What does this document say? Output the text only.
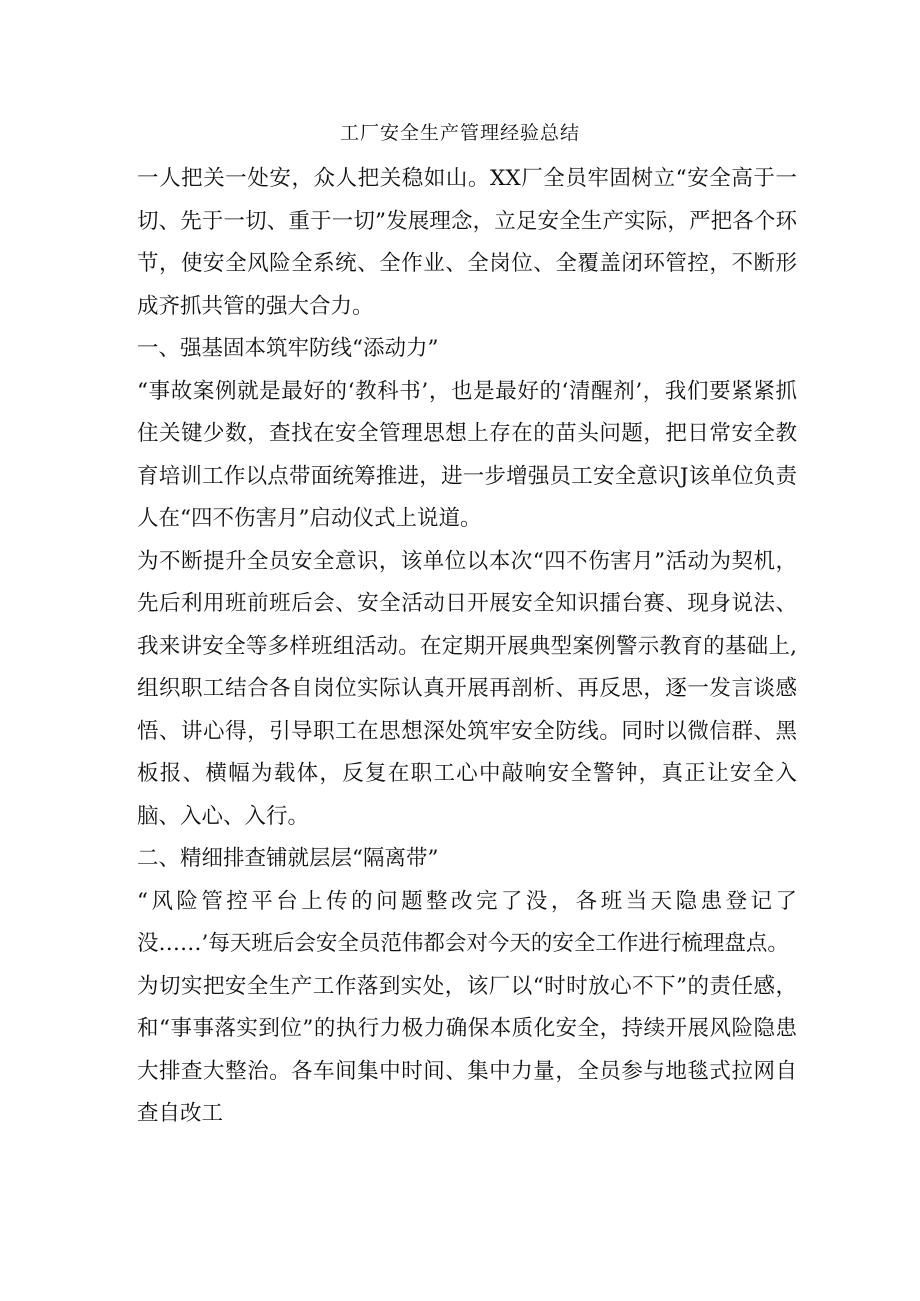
工厂安全生产管理经验总结

一人把关一处安，众人把关稳如山。XX厂全员牢固树立“安全高于一切、先于一切、重于一切”发展理念，立足安全生产实际，严把各个环节，使安全风险全系统、全作业、全岗位、全覆盖闭环管控，不断形成齐抓共管的强大合力。

一、强基固本筑牢防线“添动力”

“事故案例就是最好的‘教科书’，也是最好的‘清醒剂’，我们要紧紧抓住关键少数，查找在安全管理思想上存在的苗头问题，把日常安全教育培训工作以点带面统筹推进，进一步增强员工安全意识J该单位负责人在“四不伤害月”启动仪式上说道。

为不断提升全员安全意识，该单位以本次“四不伤害月”活动为契机，先后利用班前班后会、安全活动日开展安全知识擂台赛、现身说法、我来讲安全等多样班组活动。在定期开展典型案例警示教育的基础上,组织职工结合各自岗位实际认真开展再剖析、再反思，逐一发言谈感悟、讲心得，引导职工在思想深处筑牢安全防线。同时以微信群、黑板报、横幅为载体，反复在职工心中敲响安全警钟，真正让安全入脑、入心、入行。

二、精细排查铺就层层“隔离带”

“风险管控平台上传的问题整改完了没，各班当天隐患登记了没……’每天班后会安全员范伟都会对今天的安全工作进行梳理盘点。

为切实把安全生产工作落到实处，该厂以“时时放心不下”的责任感，和“事事落实到位”的执行力极力确保本质化安全，持续开展风险隐患大排查大整治。各车间集中时间、集中力量，全员参与地毯式拉网自查自改工
